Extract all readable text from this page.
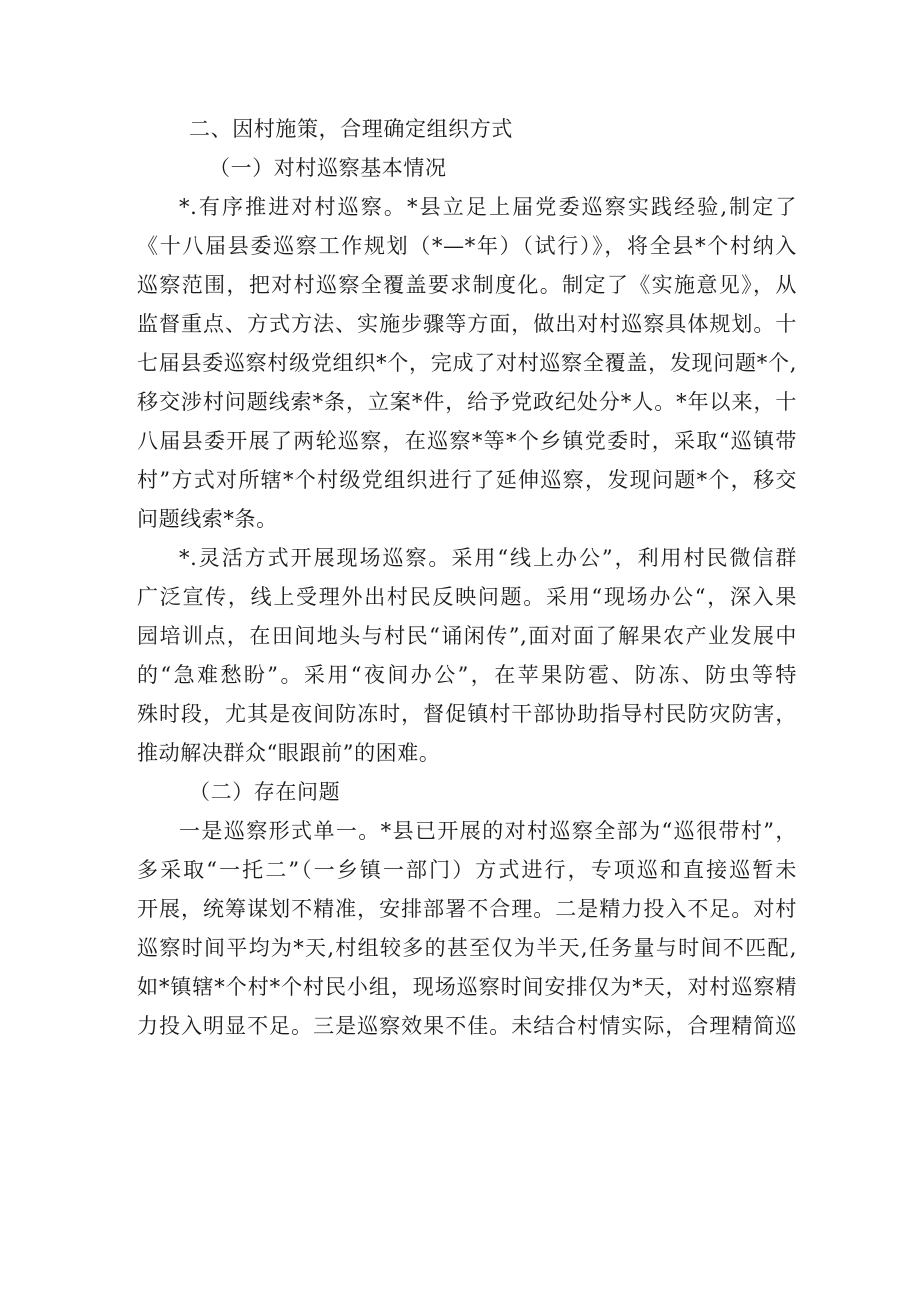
二、因村施策，合理确定组织方式

（一）对村巡察基本情况

*.有序推进对村巡察。*县立足上届党委巡察实践经验,制定了
《十八届县委巡察工作规划（*—*年）（试行）》，将全县*个村纳入
巡察范围，把对村巡察全覆盖要求制度化。制定了《实施意见》，从
监督重点、方式方法、实施步骤等方面，做出对村巡察具体规划。十
七届县委巡察村级党组织*个，完成了对村巡察全覆盖，发现问题*个,
移交涉村问题线索*条，立案*件，给予党政纪处分*人。*年以来，十
八届县委开展了两轮巡察，在巡察*等*个乡镇党委时，采取“巡镇带
村”方式对所辖*个村级党组织进行了延伸巡察，发现问题*个，移交
问题线索*条。

*.灵活方式开展现场巡察。采用“线上办公”，利用村民微信群
广泛宣传，线上受理外出村民反映问题。采用“现场办公“，深入果
园培训点，在田间地头与村民“诵闲传”,面对面了解果农产业发展中
的“急难愁盼”。采用“夜间办公”，在苹果防雹、防冻、防虫等特
殊时段，尤其是夜间防冻时，督促镇村干部协助指导村民防灾防害，
推动解决群众“眼跟前”的困难。

（二）存在问题

一是巡察形式单一。*县已开展的对村巡察全部为“巡很带村”，
多采取“一托二”（一乡镇一部门）方式进行，专项巡和直接巡暂未
开展，统筹谋划不精准，安排部署不合理。二是精力投入不足。对村
巡察时间平均为*天,村组较多的甚至仅为半天,任务量与时间不匹配,
如*镇辖*个村*个村民小组，现场巡察时间安排仅为*天，对村巡察精
力投入明显不足。三是巡察效果不佳。未结合村情实际，合理精简巡
